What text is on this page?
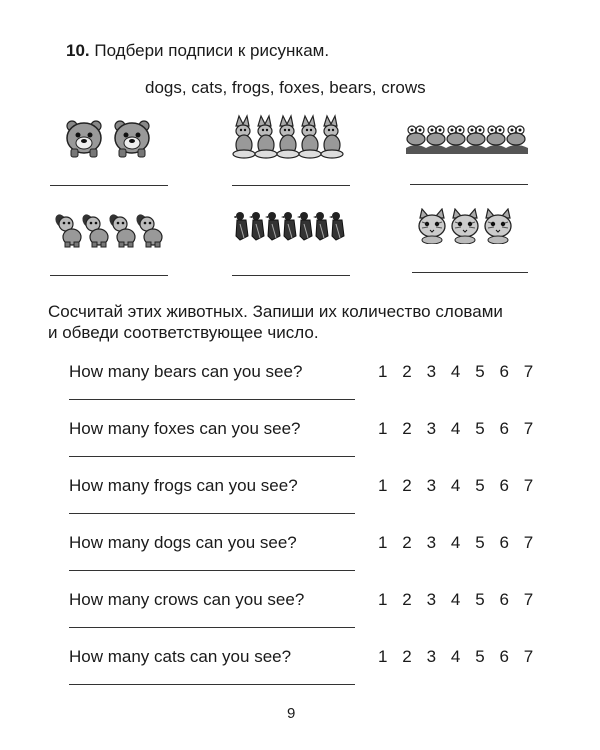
10. Подбери подписи к рисункам.
dogs, cats, frogs, foxes, bears, crows
Сосчитай этих животных. Запиши их количество словами
и обведи соответствующее число.
How many bears can you see?	1 2 3 4 5 6 7
How many foxes can you see?	1 2 3 4 5 6 7
How many frogs can you see?	1 2 3 4 5 6 7
How many dogs can you see?	1 2 3 4 5 6 7
How many crows can you see?	1 2 3 4 5 6 7
How many cats can you see?	1 2 3 4 5 6 7
9
